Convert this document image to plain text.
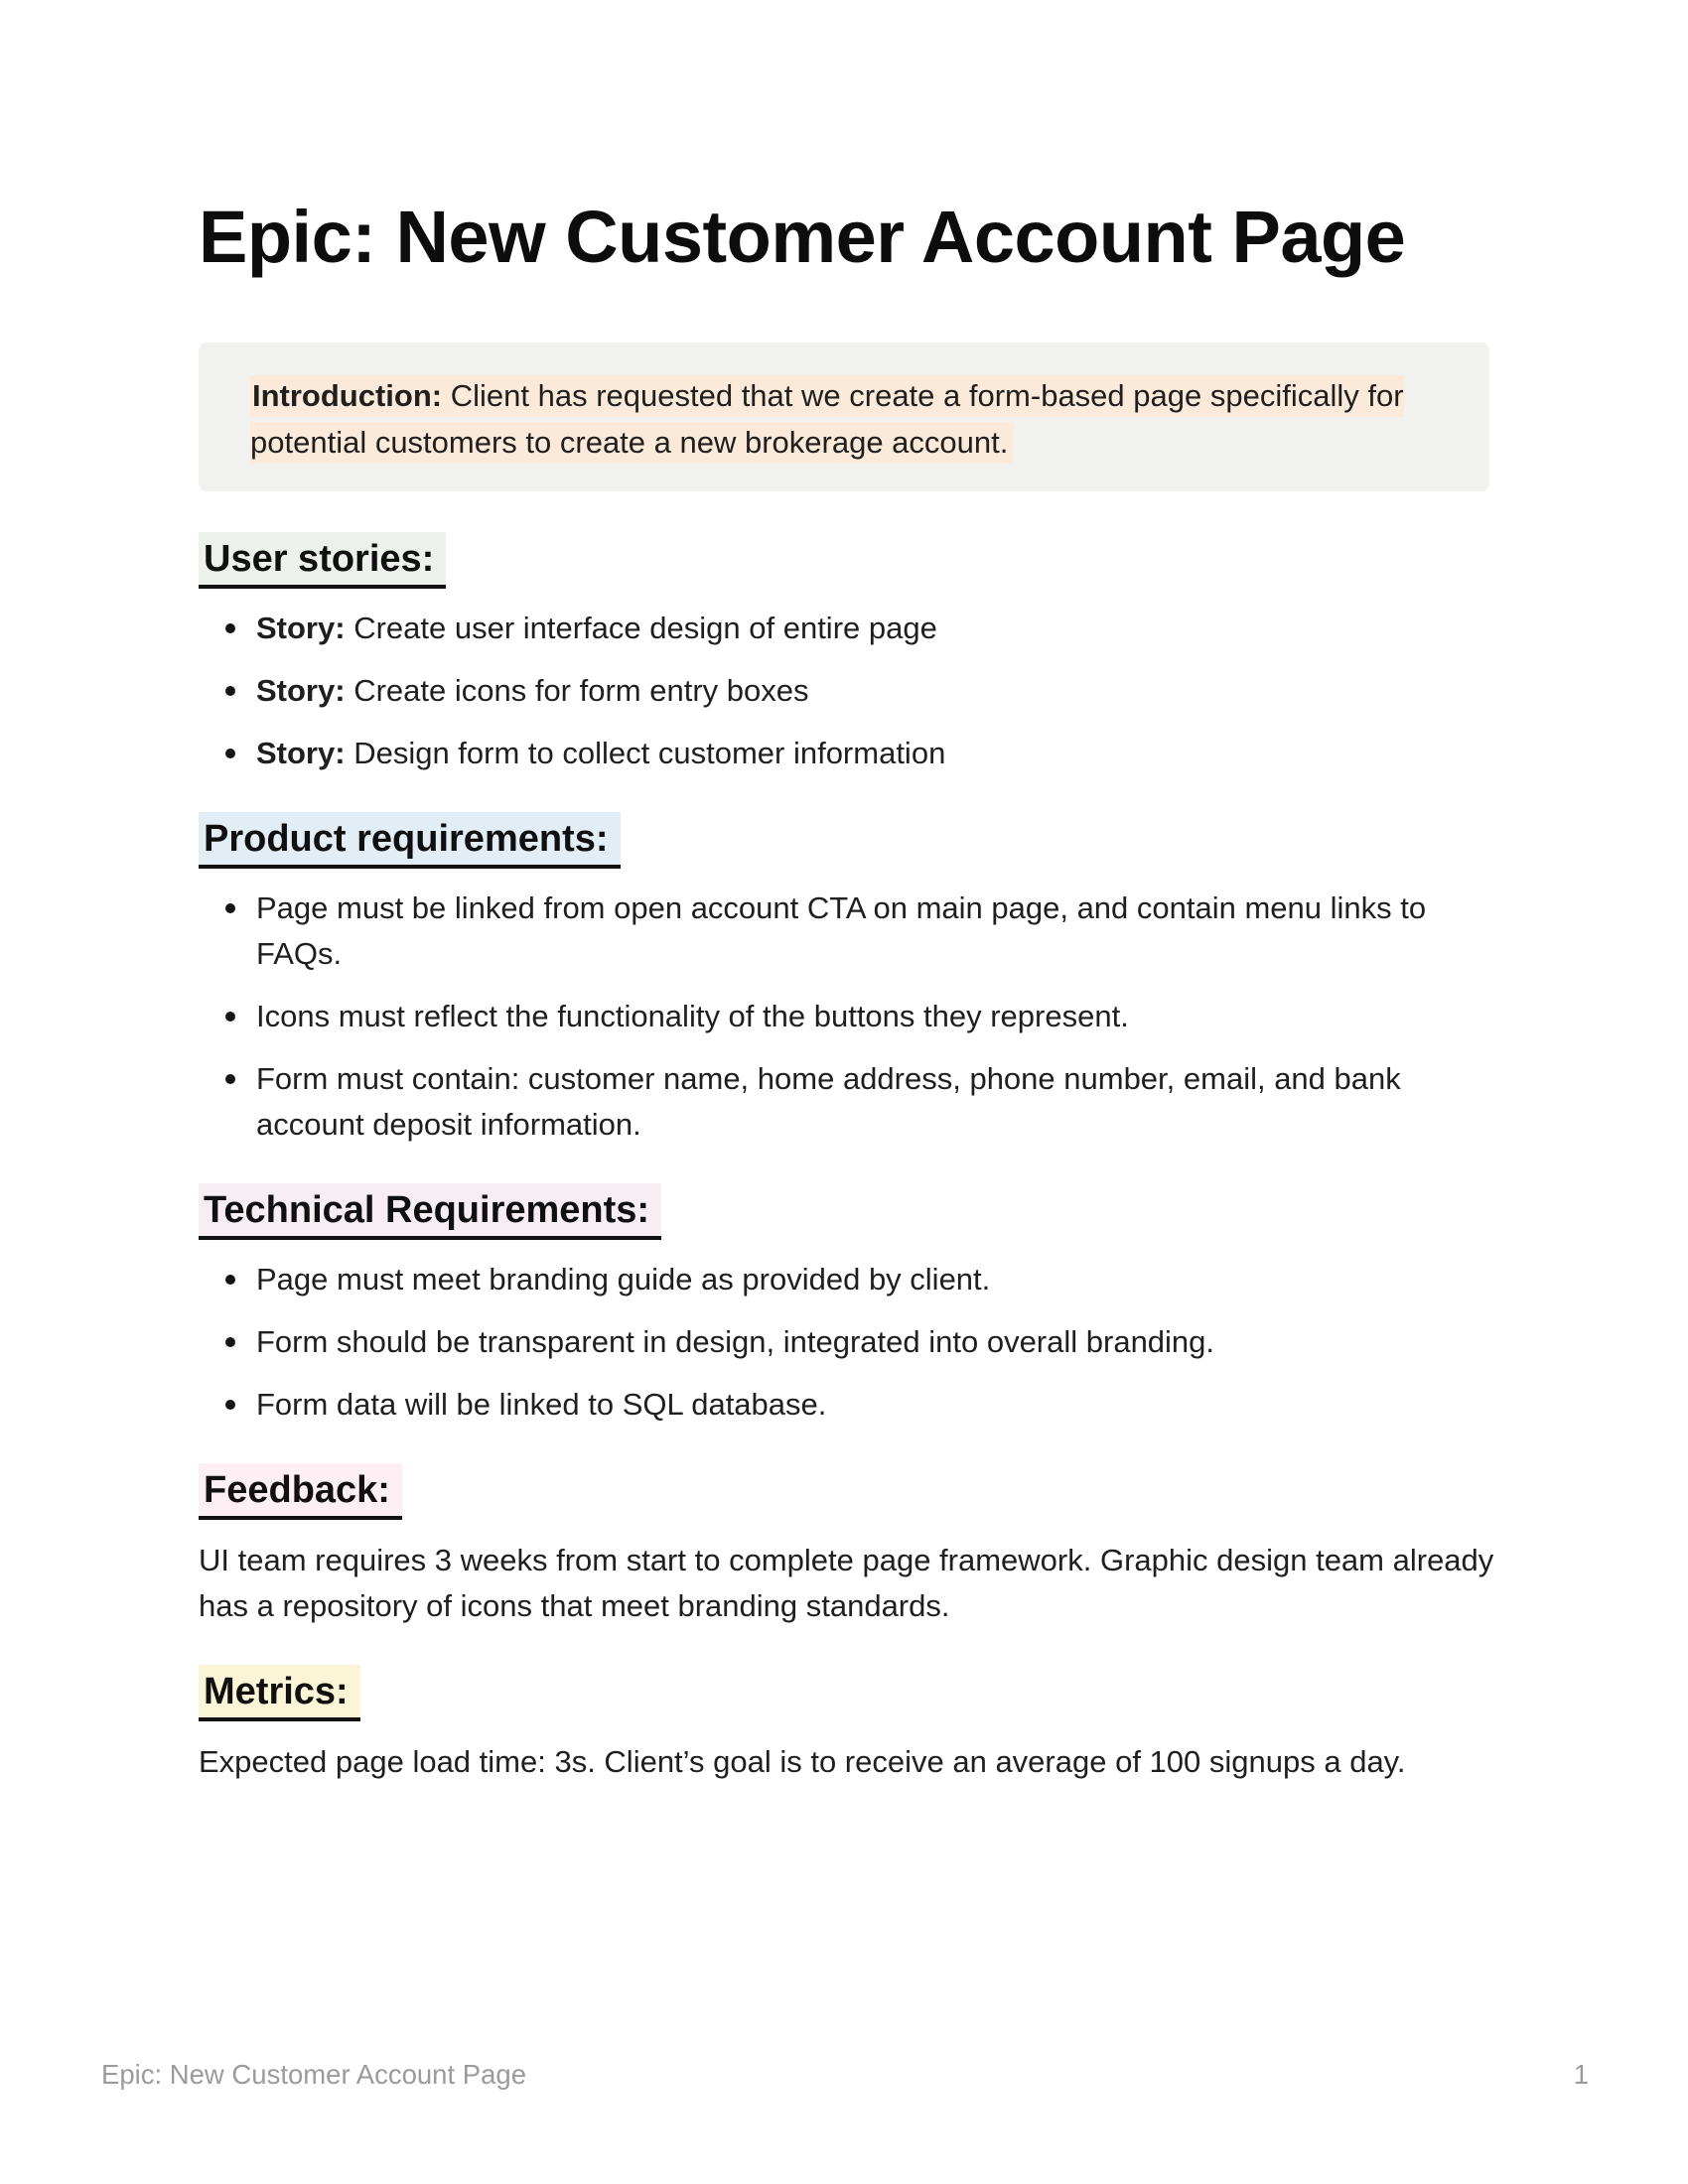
Epic: New Customer Account Page
Introduction: Client has requested that we create a form-based page specifically for potential customers to create a new brokerage account.
User stories:
Story: Create user interface design of entire page
Story: Create icons for form entry boxes
Story: Design form to collect customer information
Product requirements:
Page must be linked from open account CTA on main page, and contain menu links to FAQs.
Icons must reflect the functionality of the buttons they represent.
Form must contain: customer name, home address, phone number, email, and bank account deposit information.
Technical Requirements:
Page must meet branding guide as provided by client.
Form should be transparent in design, integrated into overall branding.
Form data will be linked to SQL database.
Feedback:

UI team requires 3 weeks from start to complete page framework. Graphic design team already has a repository of icons that meet branding standards.

Metrics:

Expected page load time: 3s. Client’s goal is to receive an average of 100 signups a day.

Epic: New Customer Account Page	1
